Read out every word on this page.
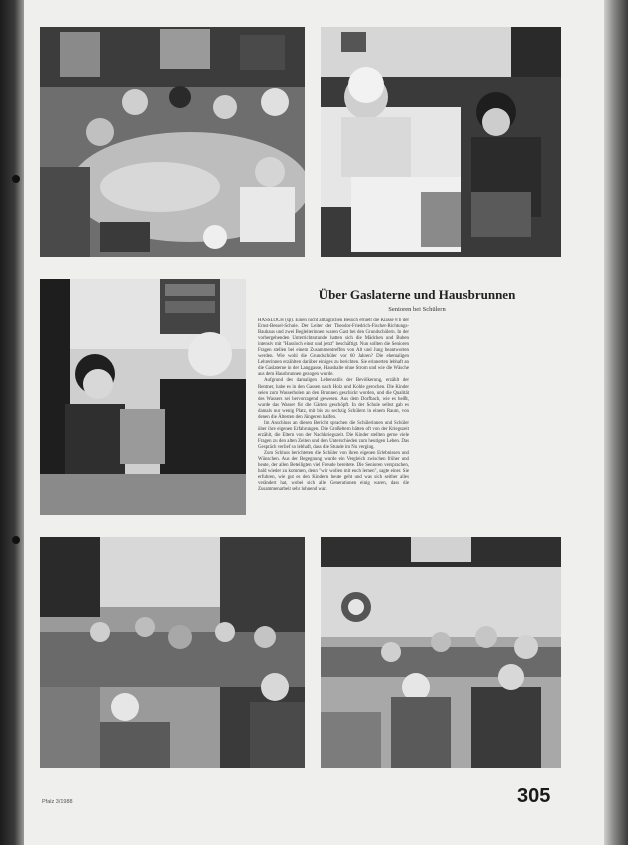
Über Gaslaterne und Hausbrunnen

Senioren bei Schülern

HASSLOCH (sp). Einen nicht alltäglichen Besuch erhielt die Klasse 8 b der Ernst-Bessel-Schule. Der Leiter der Theodor-Friedrich-Fischer-Richtungs-Bauhaus und zwei Begleiterinnen waren Gast bei den Grundschülern. In der vorhergehenden Unterrichtsstunde hatten sich die Mädchen und Buben intensiv mit "Hassloch einst und jetzt" beschäftigt. Nun sollten die Senioren Fragen stellen bei einem Zusammentreffen von Alt und Jung beantworten werden. Wie wohl die Grundschüler vor 60 Jahren? Die ehemaligen Lehrerinnen erzählten darüber einiges zu berichten. Sie erinnerten lebhaft an die Gaslaterne in der Langgasse, Haushalte ohne Strom und wie die Wäsche aus dem Hausbrunnen gezogen wurde.

Aufgrund des damaligen Lebensstils der Bevölkerung, erzählt der Rentner, habe es in den Gassen nach Holz und Kohle gerochen. Die Kinder seien zum Wasserholen an den Brunnen geschickt worden, und die Qualität des Wassers sei hervorragend gewesen. Aus dem Dorfbach, wie es heißt, wurde das Wasser für die Gärten geschöpft. In der Schule selbst gab es damals nur wenig Platz, mit bis zu sechzig Schülern in einem Raum, von denen die Ältesten den Jüngeren halfen.

Im Anschluss an diesen Bericht sprachen die Schülerinnen und Schüler über ihre eigenen Erfahrungen. Die Großeltern hätten oft von der Kriegszeit erzählt, die Eltern von der Nachkriegszeit. Die Kinder stellten gerne viele Fragen zu den alten Zeiten und den Unterschieden zum heutigen Leben. Das Gespräch verlief so lebhaft, dass die Stunde im Nu verging.

Zum Schluss berichteten die Schüler von ihren eigenen Erlebnissen und Wünschen. Aus der Begegnung wurde ein Vergleich zwischen früher und heute, der allen Beteiligten viel Freude bereitete. Die Senioren versprachen, bald wieder zu kommen, denn "wir wollen mit euch lernen", sagte einer. Sie erfuhren, wie gut es den Kindern heute geht und was sich seither alles verändert hat, wobei sich alle Generationen einig waren, dass die Zusammenarbeit sehr lohnend war.

Pfalz 3/1988	305
